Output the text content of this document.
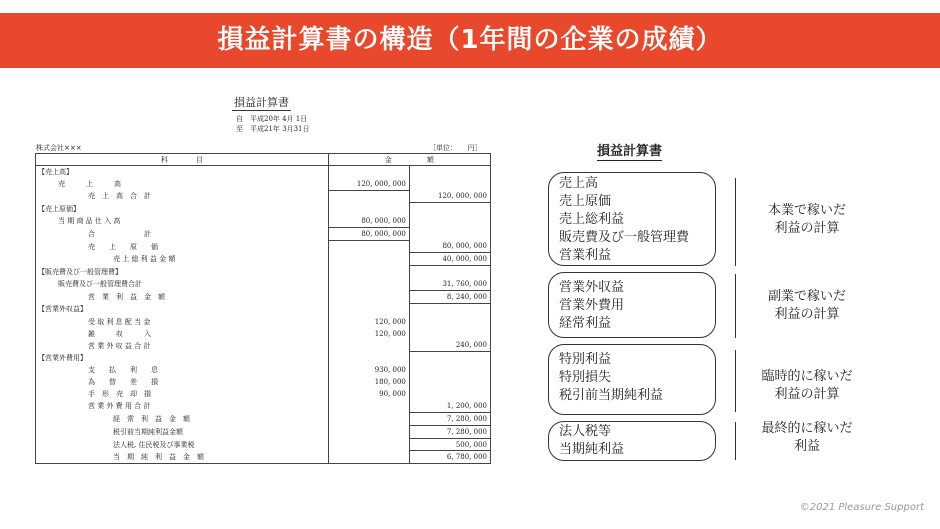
損益計算書の構造（1年間の企業の成績）
損益計算書
自　平成20年 4月 1日
至　平成21年 3月31日
株式会社×××	［単位：　　円］
科　　　　目	金　　　　　額	
【売上高】		
売　　　上　　　高	120, 000, 000	
売　上　高　合　計		120, 000, 000
【売上原価】		
当 期 商 品 仕 入 高	80, 000, 000	
合　　　　　　　計	80, 000, 000	
売　　上　　原　　価		80, 000, 000
売 上 総 利 益 金 額		40, 000, 000
【販売費及び一般管理費】		
販売費及び一般管理費合計		31, 760, 000
営　業　利　益　金　額		8, 240, 000
【営業外収益】		
受 取 利 息 配 当 金	120, 000	
雑　　　収　　　入	120, 000	
営 業 外 収 益 合 計		240, 000
【営業外費用】		
支　　払　　利　　息	930, 000	
為　　替　　差　　損	180, 000	
手　形　売　却　損	90, 000	
営 業 外 費 用 合 計		1, 200, 000
経　常　利　益　金　額		7, 280, 000
税引前当期純利益金額		7, 280, 000
法人税, 住民税及び事業税		500, 000
当　期　純　利　益　金　額		6, 780, 000
損益計算書
売上高
売上原価
売上総利益
販売費及び一般管理費
営業利益
本業で稼いだ
利益の計算
営業外収益
営業外費用
経常利益
副業で稼いだ
利益の計算
特別利益
特別損失
税引前当期純利益
臨時的に稼いだ
利益の計算
法人税等
当期純利益
最終的に稼いだ
利益
©2021 Pleasure Support
